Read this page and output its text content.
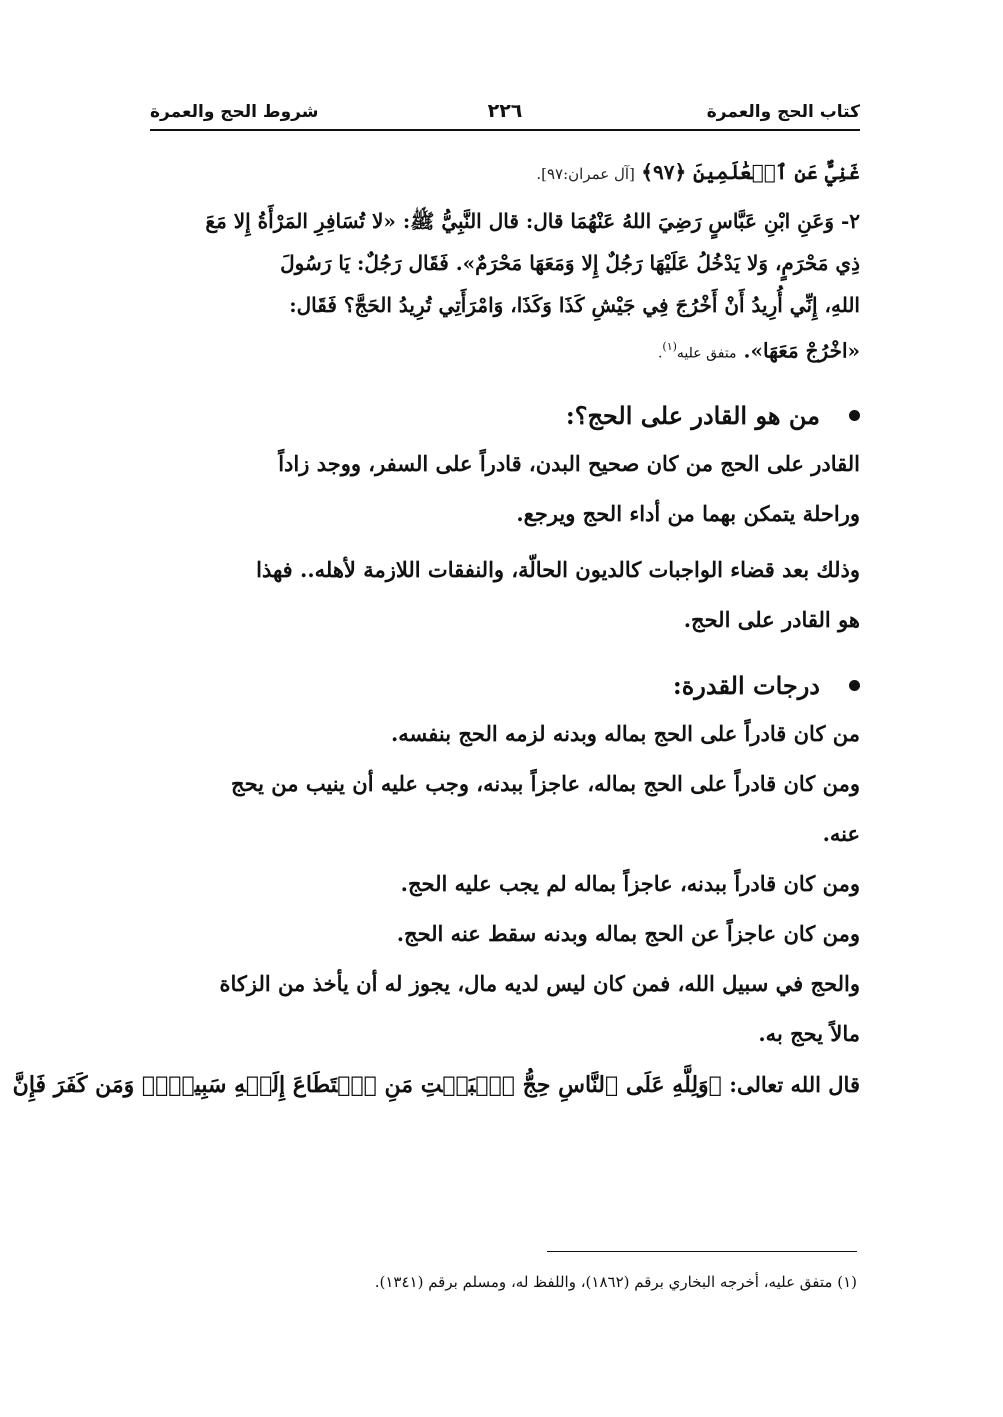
كتاب الحج والعمرة
٢٢٦
شروط الحج والعمرة
غَنِيٌّ عَنِ ٱلۡعَٰلَمِينَ ﴿٩٧﴾ [آل عمران:٩٧].
٢- وَعَنِ ابْنِ عَبَّاسٍ رَضِيَ اللهُ عَنْهُمَا قال: قال النَّبِيُّ ﷺ: «لا تُسَافِرِ المَرْأَةُ إِلا مَعَ
ذِي مَحْرَمٍ، وَلا يَدْخُلُ عَلَيْهَا رَجُلٌ إِلا وَمَعَهَا مَحْرَمٌ». فَقَال رَجُلٌ: يَا رَسُولَ
اللهِ، إِنِّي أُرِيدُ أَنْ أَخْرُجَ فِي جَيْشِ كَذَا وَكَذَا، وَامْرَأَتِي تُرِيدُ الحَجَّ؟ فَقَال:
«اخْرُجْ مَعَهَا». متفق عليه$^{(١)}$.
من هو القادر على الحج؟:
القادر على الحج من كان صحيح البدن، قادراً على السفر، ووجد زاداً
وراحلة يتمكن بهما من أداء الحج ويرجع.
وذلك بعد قضاء الواجبات كالديون الحالّة، والنفقات اللازمة لأهله.. فهذا
هو القادر على الحج.
درجات القدرة:
من كان قادراً على الحج بماله وبدنه لزمه الحج بنفسه.
ومن كان قادراً على الحج بماله، عاجزاً ببدنه، وجب عليه أن ينيب من يحج
عنه.
ومن كان قادراً ببدنه، عاجزاً بماله لم يجب عليه الحج.
ومن كان عاجزاً عن الحج بماله وبدنه سقط عنه الحج.
والحج في سبيل الله، فمن كان ليس لديه مال، يجوز له أن يأخذ من الزكاة
مالاً يحج به.
قال الله تعالى: ﴿وَلِلَّهِ عَلَى ٱلنَّاسِ حِجُّ ٱلۡبَيۡتِ مَنِ ٱسۡتَطَاعَ إِلَيۡهِ سَبِيلٗاۚ وَمَن كَفَرَ فَإِنَّ
(١) متفق عليه، أخرجه البخاري برقم (١٨٦٢)، واللفظ له، ومسلم برقم (١٣٤١).
